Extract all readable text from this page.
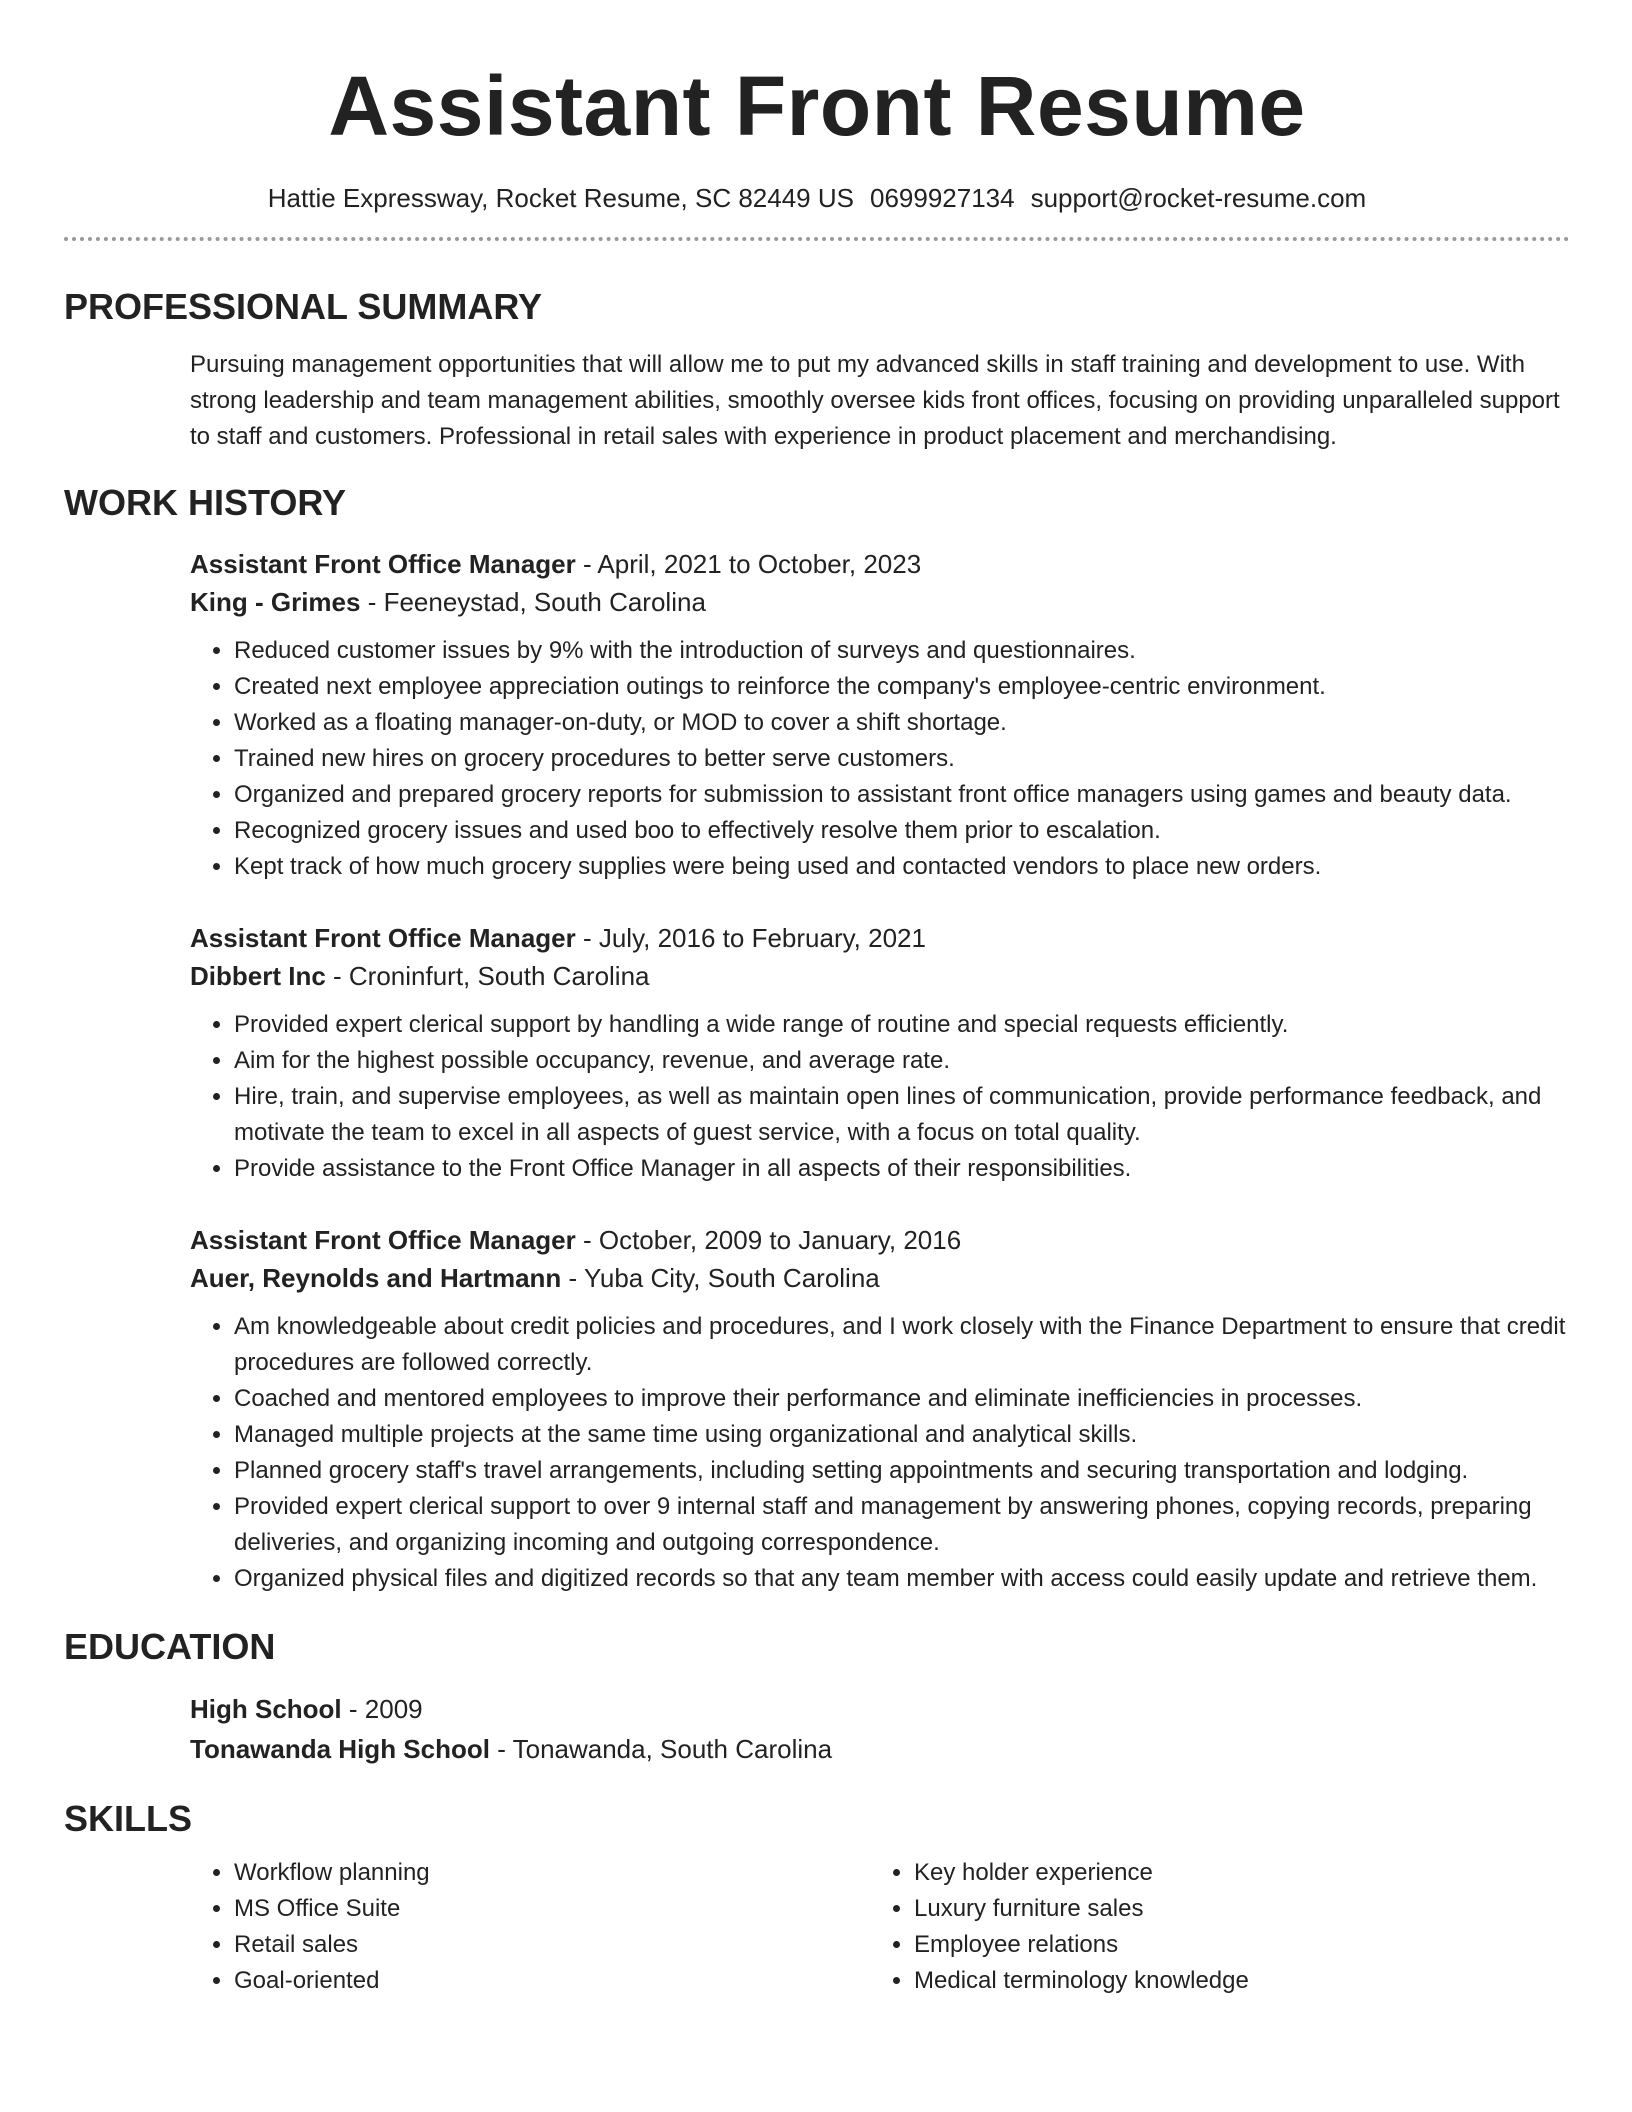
Assistant Front Resume
Hattie Expressway, Rocket Resume, SC 82449 US 0699927134 support@rocket-resume.com
PROFESSIONAL SUMMARY
Pursuing management opportunities that will allow me to put my advanced skills in staff training and development to use. With strong leadership and team management abilities, smoothly oversee kids front offices, focusing on providing unparalleled support to staff and customers. Professional in retail sales with experience in product placement and merchandising.
WORK HISTORY
Assistant Front Office Manager - April, 2021 to October, 2023
King - Grimes - Feeneystad, South Carolina
• Reduced customer issues by 9% with the introduction of surveys and questionnaires.
• Created next employee appreciation outings to reinforce the company's employee-centric environment.
• Worked as a floating manager-on-duty, or MOD to cover a shift shortage.
• Trained new hires on grocery procedures to better serve customers.
• Organized and prepared grocery reports for submission to assistant front office managers using games and beauty data.
• Recognized grocery issues and used boo to effectively resolve them prior to escalation.
• Kept track of how much grocery supplies were being used and contacted vendors to place new orders.
Assistant Front Office Manager - July, 2016 to February, 2021
Dibbert Inc - Croninfurt, South Carolina
• Provided expert clerical support by handling a wide range of routine and special requests efficiently.
• Aim for the highest possible occupancy, revenue, and average rate.
• Hire, train, and supervise employees, as well as maintain open lines of communication, provide performance feedback, and motivate the team to excel in all aspects of guest service, with a focus on total quality.
• Provide assistance to the Front Office Manager in all aspects of their responsibilities.
Assistant Front Office Manager - October, 2009 to January, 2016
Auer, Reynolds and Hartmann - Yuba City, South Carolina
• Am knowledgeable about credit policies and procedures, and I work closely with the Finance Department to ensure that credit procedures are followed correctly.
• Coached and mentored employees to improve their performance and eliminate inefficiencies in processes.
• Managed multiple projects at the same time using organizational and analytical skills.
• Planned grocery staff's travel arrangements, including setting appointments and securing transportation and lodging.
• Provided expert clerical support to over 9 internal staff and management by answering phones, copying records, preparing deliveries, and organizing incoming and outgoing correspondence.
• Organized physical files and digitized records so that any team member with access could easily update and retrieve them.
EDUCATION
High School - 2009
Tonawanda High School - Tonawanda, South Carolina
SKILLS
• Workflow planning
• MS Office Suite
• Retail sales
• Goal-oriented
• Key holder experience
• Luxury furniture sales
• Employee relations
• Medical terminology knowledge
